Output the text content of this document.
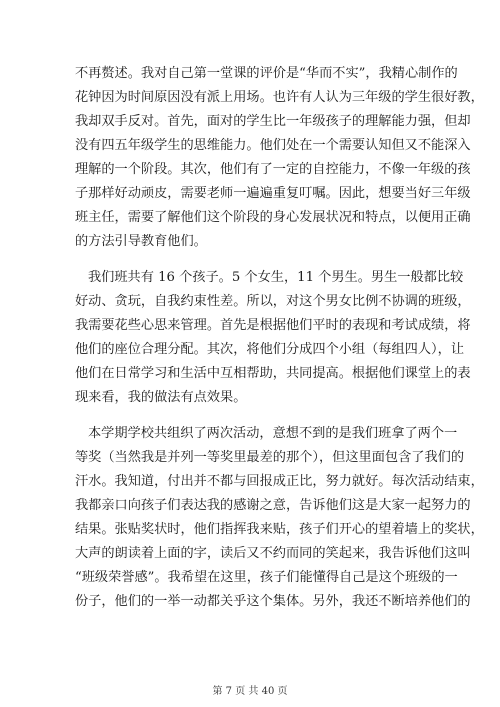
不再赘述。我对自己第一堂课的评价是“华而不实”，我精心制作的
花钟因为时间原因没有派上用场。也许有人认为三年级的学生很好教，
我却双手反对。首先，面对的学生比一年级孩子的理解能力强，但却
没有四五年级学生的思维能力。他们处在一个需要认知但又不能深入
理解的一个阶段。其次，他们有了一定的自控能力，不像一年级的孩
子那样好动顽皮，需要老师一遍遍重复叮嘱。因此，想要当好三年级
班主任，需要了解他们这个阶段的身心发展状况和特点，以便用正确
的方法引导教育他们。
我们班共有 16 个孩子。5 个女生，11 个男生。男生一般都比较
好动、贪玩，自我约束性差。所以，对这个男女比例不协调的班级，
我需要花些心思来管理。首先是根据他们平时的表现和考试成绩，将
他们的座位合理分配。其次，将他们分成四个小组（每组四人），让
他们在日常学习和生活中互相帮助，共同提高。根据他们课堂上的表
现来看，我的做法有点效果。
本学期学校共组织了两次活动，意想不到的是我们班拿了两个一
等奖（当然我是并列一等奖里最差的那个），但这里面包含了我们的
汗水。我知道，付出并不都与回报成正比，努力就好。每次活动结束，
我都亲口向孩子们表达我的感谢之意，告诉他们这是大家一起努力的
结果。张贴奖状时，他们指挥我来贴，孩子们开心的望着墙上的奖状，
大声的朗读着上面的字，读后又不约而同的笑起来，我告诉他们这叫
“班级荣誉感”。我希望在这里，孩子们能懂得自己是这个班级的一
份子，他们的一举一动都关乎这个集体。另外，我还不断培养他们的
第 7 页 共 40 页
